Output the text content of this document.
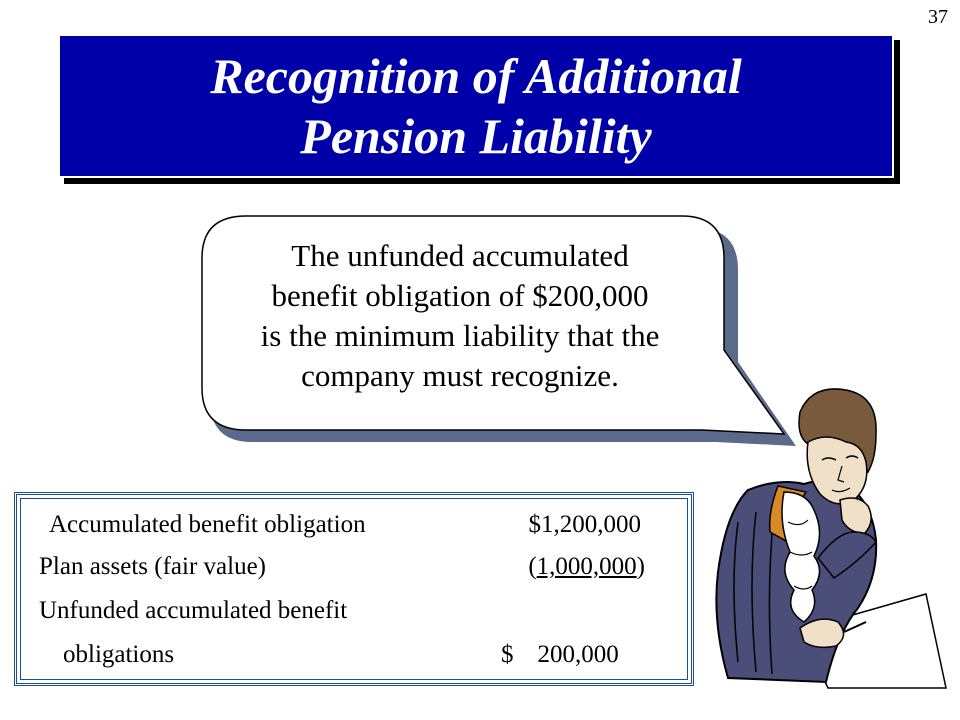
37
Recognition of Additional
Pension Liability
The unfunded accumulated
benefit obligation of $200,000
is the minimum liability that the
company must recognize.
Accumulated benefit obligation	$1,200,000
Plan assets (fair value)	(1,000,000)
Unfunded accumulated benefit
obligations	$ 200,000
